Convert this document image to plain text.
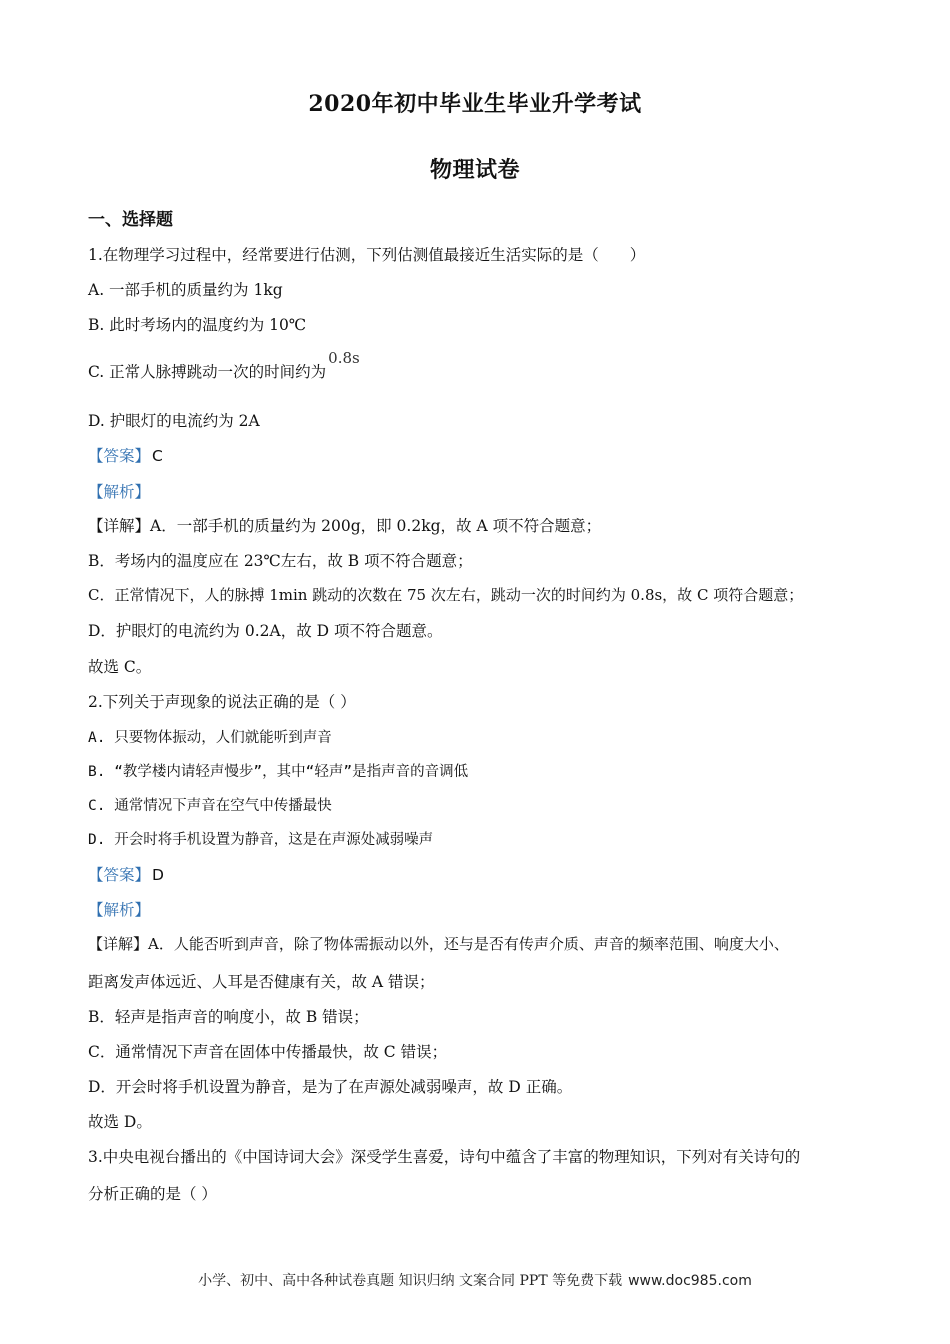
2020年初中毕业生毕业升学考试
物理试卷
一、选择题
1.在物理学习过程中，经常要进行估测，下列估测值最接近生活实际的是（　　）
A. 一部手机的质量约为 1kg
B. 此时考场内的温度约为 10℃
C. 正常人脉搏跳动一次的时间约为0.8s
D. 护眼灯的电流约为 2A
【答案】 C
【解析】
【详解】A．一部手机的质量约为 200g，即 0.2kg，故 A 项不符合题意；
B．考场内的温度应在 23℃左右，故 B 项不符合题意；
C．正常情况下，人的脉搏 1min 跳动的次数在 75 次左右，跳动一次的时间约为 0.8s，故 C 项符合题意；
D．护眼灯的电流约为 0.2A，故 D 项不符合题意。
故选 C。
2.下列关于声现象的说法正确的是（ ）
A. 只要物体振动，人们就能听到声音
B. “教学楼内请轻声慢步”，其中“轻声”是指声音的音调低
C. 通常情况下声音在空气中传播最快
D. 开会时将手机设置为静音，这是在声源处减弱噪声
【答案】 D
【解析】
【详解】A．人能否听到声音，除了物体需振动以外，还与是否有传声介质、声音的频率范围、响度大小、
距离发声体远近、人耳是否健康有关，故 A 错误；
B．轻声是指声音的响度小，故 B 错误；
C．通常情况下声音在固体中传播最快，故 C 错误；
D．开会时将手机设置为静音，是为了在声源处减弱噪声，故 D 正确。
故选 D。
3.中央电视台播出的《中国诗词大会》深受学生喜爱，诗句中蕴含了丰富的物理知识，下列对有关诗句的
分析正确的是（ ）
小学、初中、高中各种试卷真题 知识归纳 文案合同 PPT 等免费下载 www.doc985.com
